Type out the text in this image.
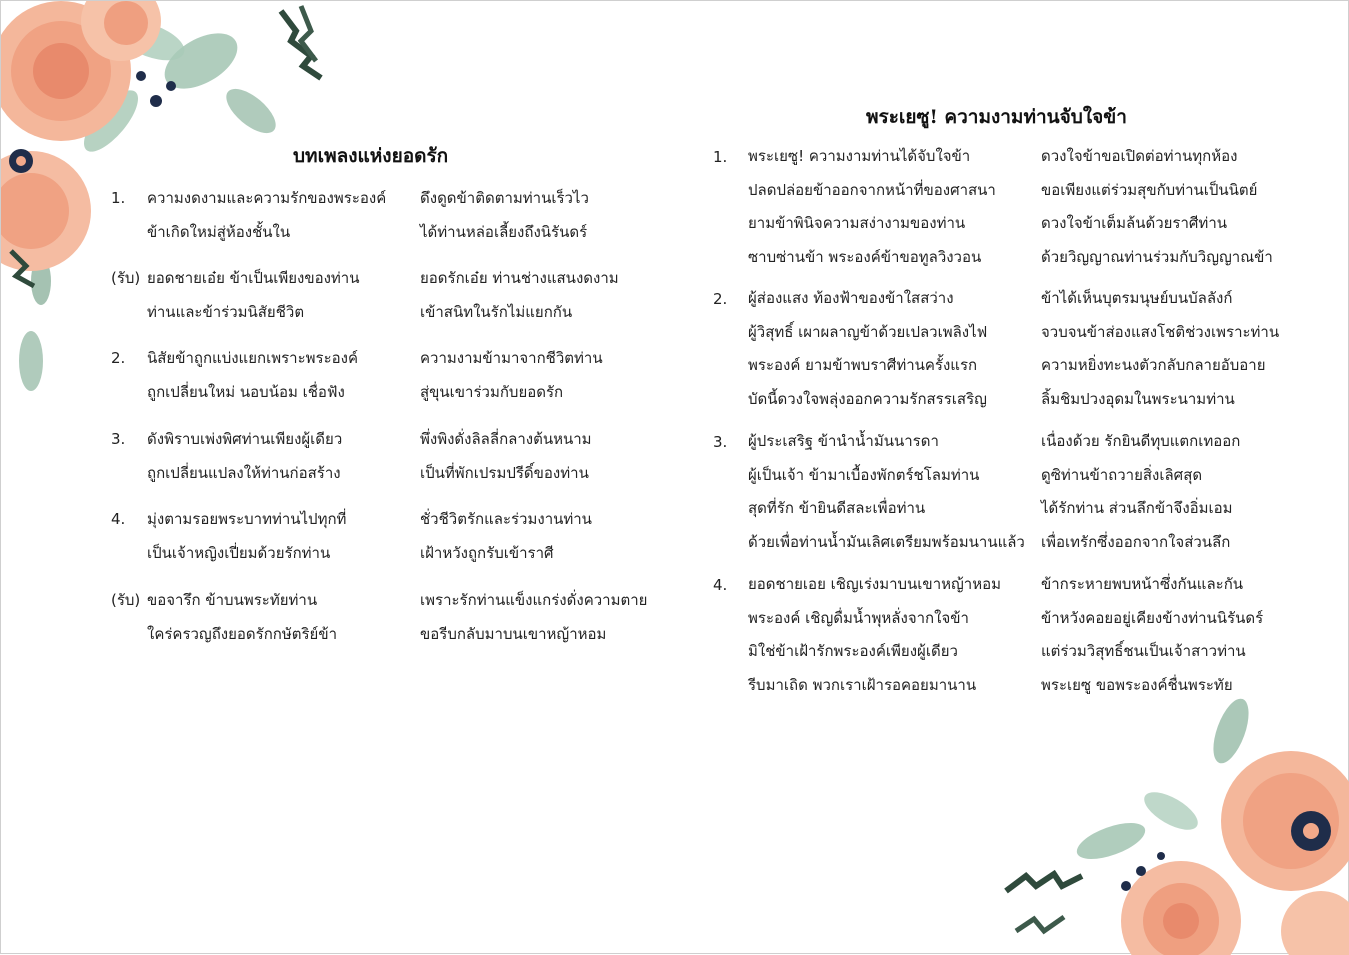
บทเพลงแห่งยอดรัก
พระเยซู! ความงามท่านจับใจข้า
1. ความงดงามและความรักของพระองค์
ข้าเกิดใหม่สู่ห้องชั้นใน
ดึงดูดข้าติดตามท่านเร็วไว
ได้ท่านหล่อเลี้ยงถึงนิรันดร์
(รับ) ยอดชายเอ๋ย ข้าเป็นเพียงของท่าน
ท่านและข้าร่วมนิสัยชีวิต
ยอดรักเอ๋ย ท่านช่างแสนงดงาม
เข้าสนิทในรักไม่แยกกัน
2. นิสัยข้าถูกแบ่งแยกเพราะพระองค์
ถูกเปลี่ยนใหม่ นอบน้อม เชื่อฟัง
ความงามข้ามาจากชีวิตท่าน
สู่ขุนเขาร่วมกับยอดรัก
3. ดังพิราบเพ่งพิศท่านเพียงผู้เดียว
ถูกเปลี่ยนแปลงให้ท่านก่อสร้าง
พึ่งพิงดั่งลิลลี่กลางต้นหนาม
เป็นที่พักเปรมปรีดิ์ของท่าน
4. มุ่งตามรอยพระบาทท่านไปทุกที่
เป็นเจ้าหญิงเปี่ยมด้วยรักท่าน
ชั่วชีวิตรักและร่วมงานท่าน
เฝ้าหวังถูกรับเข้าราศี
(รับ) ขอจารึก ข้าบนพระทัยท่าน
ใคร่ครวญถึงยอดรักกษัตริย์ข้า
เพราะรักท่านแข็งแกร่งดั่งความตาย
ขอรีบกลับมาบนเขาหญ้าหอม
1. พระเยซู! ความงามท่านได้จับใจข้า
ปลดปล่อยข้าออกจากหน้าที่ของศาสนา
ยามข้าพินิจความสง่างามของท่าน
ซาบซ่านข้า พระองค์ข้าขอทูลวิงวอน
ดวงใจข้าขอเปิดต่อท่านทุกห้อง
ขอเพียงแต่ร่วมสุขกับท่านเป็นนิตย์
ดวงใจข้าเต็มล้นด้วยราศีท่าน
ด้วยวิญญาณท่านร่วมกับวิญญาณข้า
2. ผู้ส่องแสง ท้องฟ้าของข้าใสสว่าง
ผู้วิสุทธิ์ เผาผลาญข้าด้วยเปลวเพลิงไฟ
พระองค์ ยามข้าพบราศีท่านครั้งแรก
บัดนี้ดวงใจพลุ่งออกความรักสรรเสริญ
ข้าได้เห็นบุตรมนุษย์บนบัลลังก์
จวบจนข้าส่องแสงโชติช่วงเพราะท่าน
ความหยิ่งทะนงตัวกลับกลายอับอาย
ลิ้มชิมปวงอุดมในพระนามท่าน
3. ผู้ประเสริฐ ข้านำน้ำมันนารดา
ผู้เป็นเจ้า ข้ามาเบื้องพักตร์ชโลมท่าน
สุดที่รัก ข้ายินดีสละเพื่อท่าน
ด้วยเพื่อท่านน้ำมันเลิศเตรียมพร้อมนานแล้ว
เนื่องด้วย รักยินดีทุบแตกเทออก
ดูซิท่านข้าถวายสิ่งเลิศสุด
ได้รักท่าน ส่วนลึกข้าจึงอิ่มเอม
เพื่อเทรักซึ่งออกจากใจส่วนลึก
4. ยอดชายเอย เชิญเร่งมาบนเขาหญ้าหอม
พระองค์ เชิญดื่มน้ำพุหลั่งจากใจข้า
มิใช่ข้าเฝ้ารักพระองค์เพียงผู้เดียว
รีบมาเถิด พวกเราเฝ้ารอคอยมานาน
ข้ากระหายพบหน้าซึ่งกันและกัน
ข้าหวังคอยอยู่เคียงข้างท่านนิรันดร์
แต่ร่วมวิสุทธิ์ชนเป็นเจ้าสาวท่าน
พระเยซู ขอพระองค์ชื่นพระทัย
